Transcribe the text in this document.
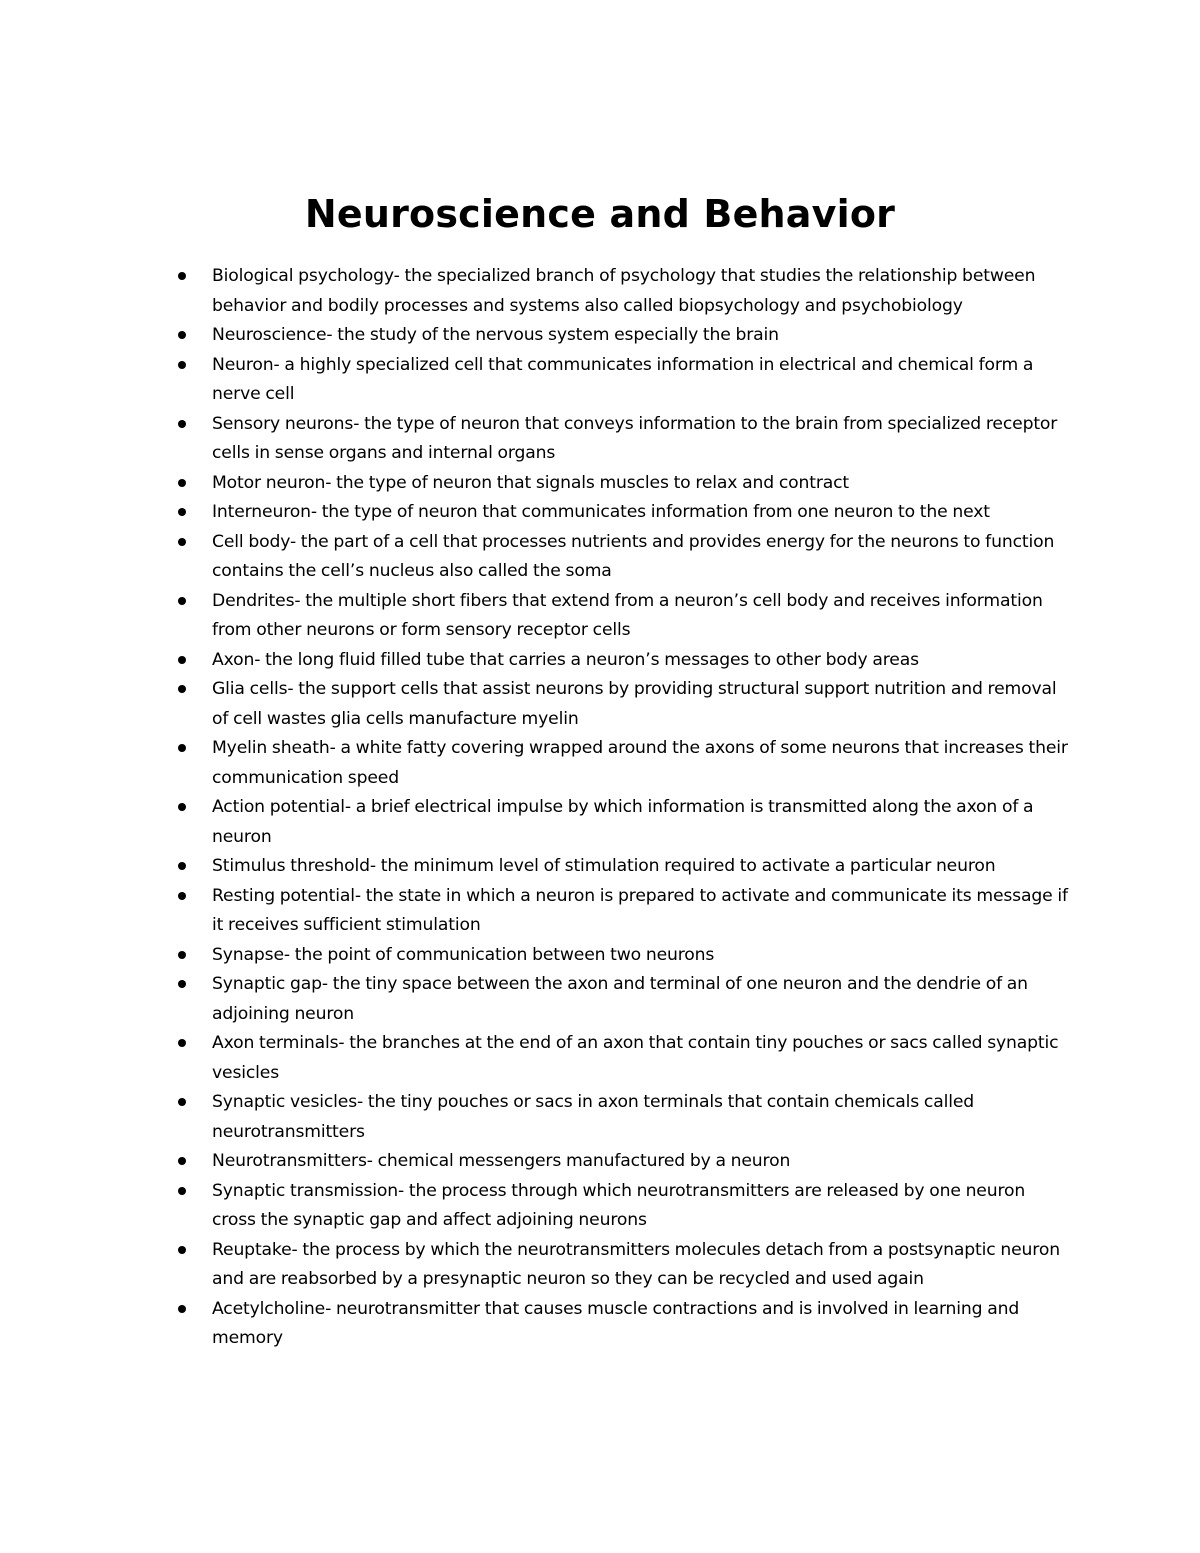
Neuroscience and Behavior
Biological psychology- the specialized branch of psychology that studies the relationship between behavior and bodily processes and systems also called biopsychology and psychobiology
Neuroscience- the study of the nervous system especially the brain
Neuron- a highly specialized cell that communicates information in electrical and chemical form a nerve cell
Sensory neurons- the type of neuron that conveys information to the brain from specialized receptor cells in sense organs and internal organs
Motor neuron- the type of neuron that signals muscles to relax and contract
Interneuron- the type of neuron that communicates information from one neuron to the next
Cell body- the part of a cell that processes nutrients and provides energy for the neurons to function contains the cell’s nucleus also called the soma
Dendrites- the multiple short fibers that extend from a neuron’s cell body and receives information from other neurons or form sensory receptor cells
Axon- the long fluid filled tube that carries a neuron’s messages to other body areas
Glia cells- the support cells that assist neurons by providing structural support nutrition and removal of cell wastes glia cells manufacture myelin
Myelin sheath- a white fatty covering wrapped around the axons of some neurons that increases their communication speed
Action potential- a brief electrical impulse by which information is transmitted along the axon of a neuron
Stimulus threshold- the minimum level of stimulation required to activate a particular neuron
Resting potential- the state in which a neuron is prepared to activate and communicate its message if it receives sufficient stimulation
Synapse- the point of communication between two neurons
Synaptic gap- the tiny space between the axon and terminal of one neuron and the dendrie of an adjoining neuron
Axon terminals- the branches at the end of an axon that contain tiny pouches or sacs called synaptic vesicles
Synaptic vesicles- the tiny pouches or sacs in axon terminals that contain chemicals called neurotransmitters
Neurotransmitters- chemical messengers manufactured by a neuron
Synaptic transmission- the process through which neurotransmitters are released by one neuron cross the synaptic gap and affect adjoining neurons
Reuptake- the process by which the neurotransmitters molecules detach from a postsynaptic neuron and are reabsorbed by a presynaptic neuron so they can be recycled and used again
Acetylcholine- neurotransmitter that causes muscle contractions and is involved in learning and memory
